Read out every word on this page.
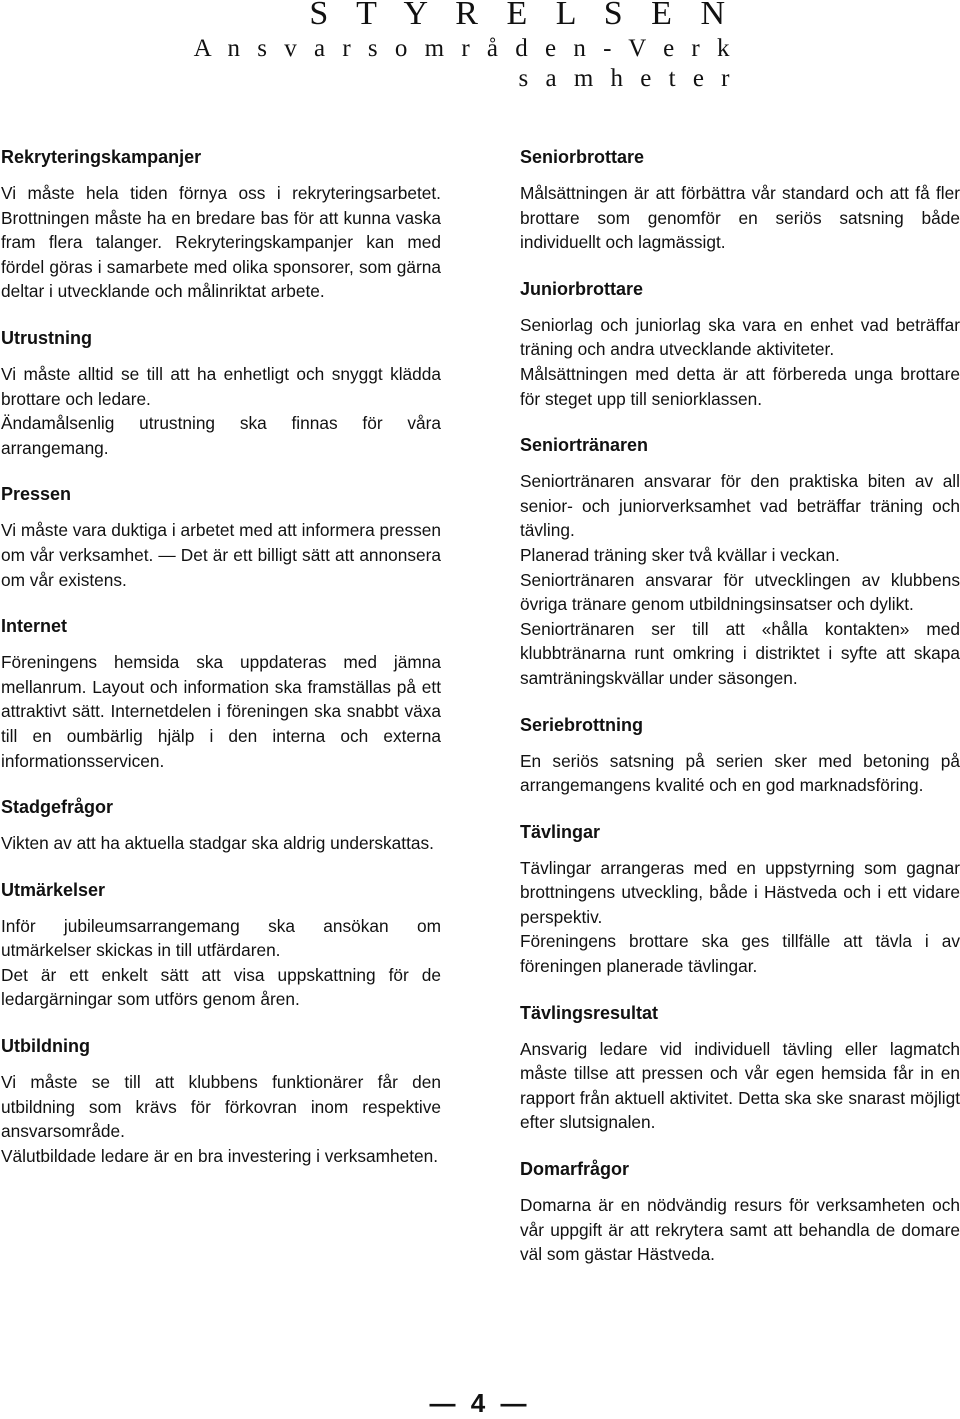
S T Y R E L S E N
A n s v a r s o m r å d e n - V e r k s a m h e t e r
Rekryteringskampanjer
Vi måste hela tiden förnya oss i rekryteringsarbetet. Brottningen måste ha en bredare bas för att kunna vaska fram flera talanger. Rekryteringskampanjer kan med fördel göras i samarbete med olika sponsorer, som gärna deltar i utvecklande och målinriktat arbete.
Utrustning
Vi måste alltid se till att ha enhetligt och snyggt klädda brottare och ledare.
Ändamålsenlig utrustning ska finnas för våra arrangemang.
Pressen
Vi måste vara duktiga i arbetet med att informera pressen om vår verksamhet. — Det är ett billigt sätt att annonsera om vår existens.
Internet
Föreningens hemsida ska uppdateras med jämna mellanrum. Layout och information ska framställas på ett attraktivt sätt. Internetdelen i föreningen ska snabbt växa till en oumbärlig hjälp i den interna och externa informationsservicen.
Stadgefrågor
Vikten av att ha aktuella stadgar ska aldrig underskattas.
Utmärkelser
Inför jubileumsarrangemang ska ansökan om utmärkelser skickas in till utfärdaren.
Det är ett enkelt sätt att visa uppskattning för de ledargärningar som utförs genom åren.
Utbildning
Vi måste se till att klubbens funktionärer får den utbildning som krävs för förkovran inom respektive ansvarsområde.
Välutbildade ledare är en bra investering i verksamheten.
Seniorbrottare
Målsättningen är att förbättra vår standard och att få fler brottare som genomför en seriös satsning både individuellt och lagmässigt.
Juniorbrottare
Seniorlag och juniorlag ska vara en enhet vad beträffar träning och andra utvecklande aktiviteter.
Målsättningen med detta är att förbereda unga brottare för steget upp till seniorklassen.
Seniortränaren
Seniortränaren ansvarar för den praktiska biten av all senior- och juniorverksamhet vad beträffar träning och tävling.
Planerad träning sker två kvällar i veckan.
Seniortränaren ansvarar för utvecklingen av klubbens övriga tränare genom utbildningsinsatser och dylikt.
Seniortränaren ser till att «hålla kontakten» med klubbtränarna runt omkring i distriktet i syfte att skapa samträningskvällar under säsongen.
Seriebrottning
En seriös satsning på serien sker med betoning på arrangemangens kvalité och en god marknadsföring.
Tävlingar
Tävlingar arrangeras med en uppstyrning som gagnar brottningens utveckling, både i Hästveda och i ett vidare perspektiv.
Föreningens brottare ska ges tillfälle att tävla i av föreningen planerade tävlingar.
Tävlingsresultat
Ansvarig ledare vid individuell tävling eller lagmatch måste tillse att pressen och vår egen hemsida får in en rapport från aktuell aktivitet. Detta ska ske snarast möjligt efter slutsignalen.
Domarfrågor
Domarna är en nödvändig resurs för verksamheten och vår uppgift är att rekrytera samt att behandla de domare väl som gästar Hästveda.
— 4 —
